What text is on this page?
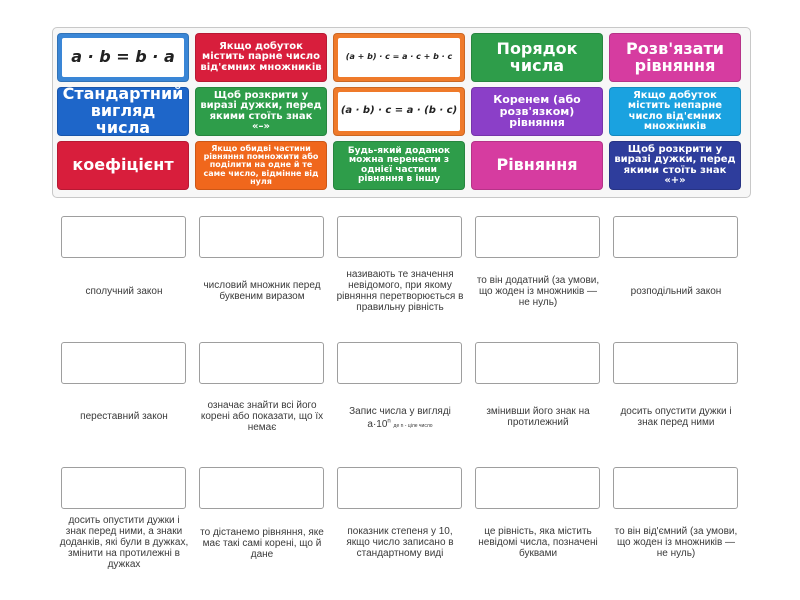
a · b = b · a
Якщо добуток містить парне число від'ємних множників
(a + b) · c = a · c + b · c	Порядок числа
Розв'язати рівняння
Стандартний вигляд числа
Щоб розкрити у виразі дужки, перед якими стоїть знак «–»
(a · b) · c = a · (b · c)
Коренем (або розв'язком) рівняння
Якщо добуток містить непарне число від'ємних множників
коефіцієнт
Якщо обидві частини рівняння помножити або поділити на одне й те саме число, відмінне від нуля
Будь-який доданок можна перенести з однієї частини рівняння в іншу
Рівняння
Щоб розкрити у виразі дужки, перед якими стоїть знак «+»
сполучний закон
числовий множник перед буквеним виразом
називають те значення невідомого, при якому рівняння перетворюється в правильну рівність
то він додатний (за умови, що жоден із множників — не нуль)
розподільний закон
переставний закон
означає знайти всі його корені або показати, що їх немає
Запис числа у вигляді
$a\cdot 10^n$ де n - ціле число
змінивши його знак на протилежний
досить опустити дужки і знак перед ними
досить опустити дужки і знак перед ними, а знаки доданків, які були в дужках, змінити на протилежні в дужках
то дістанемо рівняння, яке має такі самі корені, що й дане
показник степеня у 10, якщо число записано в стандартному виді
це рівність, яка містить невідомі числа, позначені буквами
то він від'ємний (за умови, що жоден із множників — не нуль)
